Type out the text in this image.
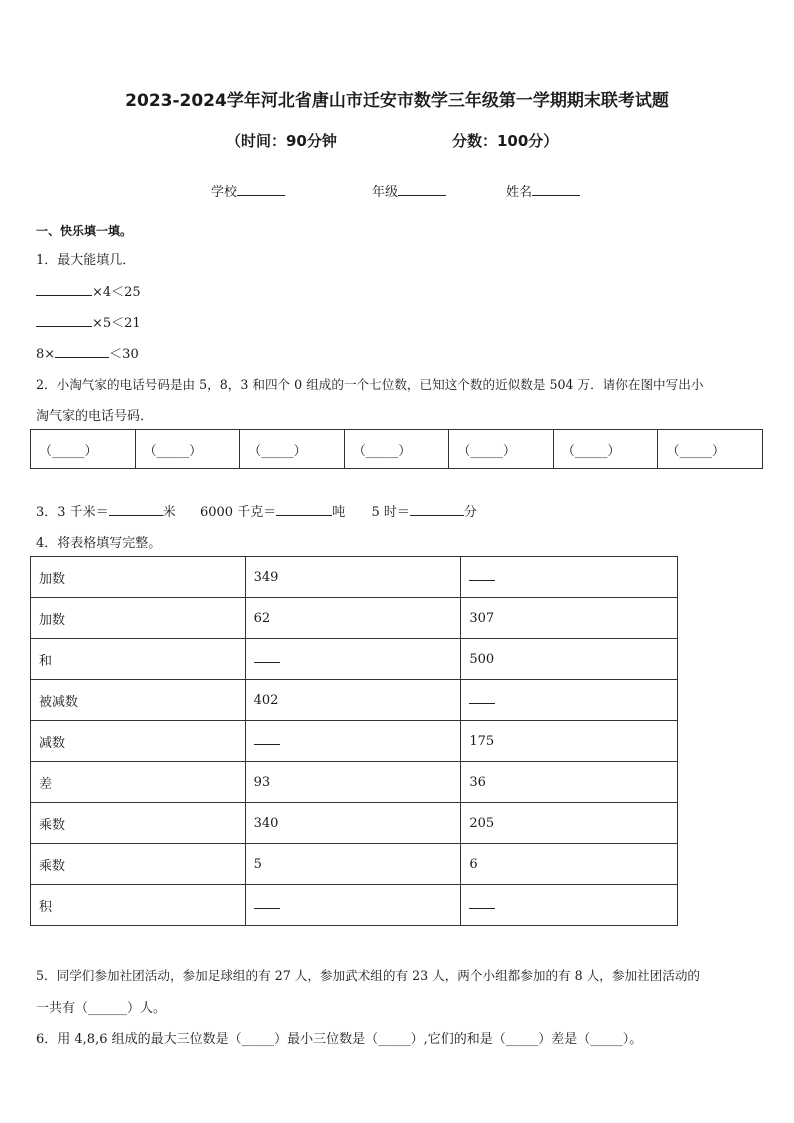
2023-2024学年河北省唐山市迁安市数学三年级第一学期期末联考试题
（时间：90分钟	分数：100分）
学校	年级	姓名
一、快乐填一填。
1．最大能填几．
×4＜25
×5＜21
8×	＜30
2．小淘气家的电话号码是由 5，8，3 和四个 0 组成的一个七位数，已知这个数的近似数是 504 万．请你在图中写出小
淘气家的电话号码．
（_____）	（_____）	（_____）	（_____）	（_____）	（_____）	（_____）
3．3 千米＝	米 6000 千克＝	吨 5 时＝	分
4．将表格填写完整。
加数	349	
加数	62	307
和		500
被减数	402	
减数		175
差	93	36
乘数	340	205
乘数	5	6
积		
5．同学们参加社团活动，参加足球组的有 27 人，参加武术组的有 23 人，两个小组都参加的有 8 人，参加社团活动的
一共有（______）人。
6．用 4,8,6 组成的最大三位数是（_____）最小三位数是（_____）,它们的和是（_____）差是（_____）。
